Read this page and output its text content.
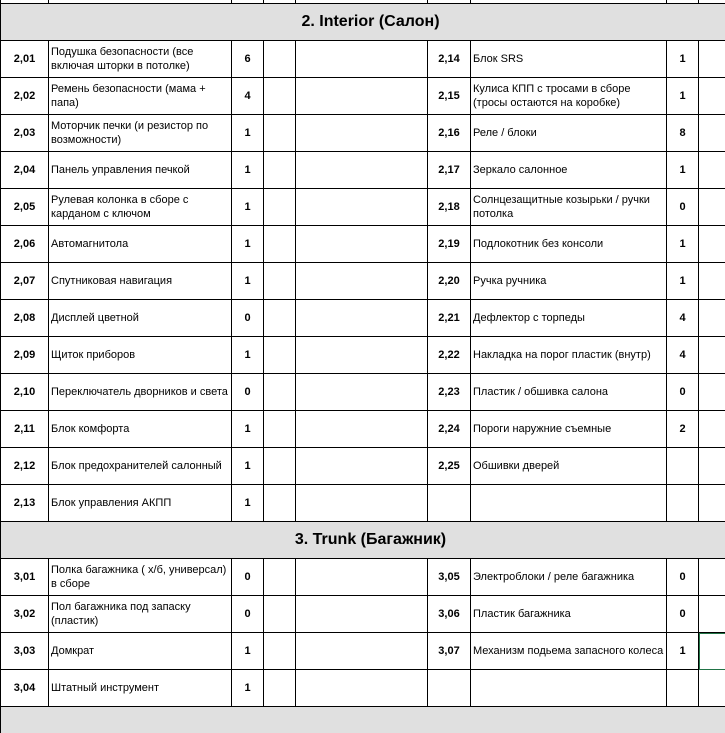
2. Interior (Салон)								
2,01	Подушка безопасности (все включая шторки в потолке)	6			2,14	Блок SRS	1	
2,02	Ремень безопасности (мама + папа)	4			2,15	Кулиса КПП с тросами в сборе (тросы остаются на коробке)	1	
2,03	Моторчик печки (и резистор по возможности)	1			2,16	Реле / блоки	8	
2,04	Панель управления печкой	1			2,17	Зеркало салонное	1	
2,05	Рулевая колонка в сборе с карданом с ключом	1			2,18	Солнцезащитные козырьки / ручки потолка	0	
2,06	Автомагнитола	1			2,19	Подлокотник без консоли	1	
2,07	Спутниковая навигация	1			2,20	Ручка ручника	1	
2,08	Дисплей цветной	0			2,21	Дефлектор с торпеды	4	
2,09	Щиток приборов	1			2,22	Накладка на порог пластик (внутр)	4	
2,10	Переключатель дворников и света	0			2,23	Пластик / обшивка салона	0	
2,11	Блок комфорта	1			2,24	Пороги наружние съемные	2	
2,12	Блок предохранителей салонный	1			2,25	Обшивки дверей		
2,13	Блок управления АКПП	1						
3. Trunk (Багажник)								
3,01	Полка багажника ( х/б, универсал) в сборе	0			3,05	Электроблоки / реле багажника	0	
3,02	Пол багажника под запаску (пластик)	0			3,06	Пластик багажника	0	
3,03	Домкрат	1			3,07	Механизм подьема запасного колеса	1	
3,04	Штатный инструмент	1						
